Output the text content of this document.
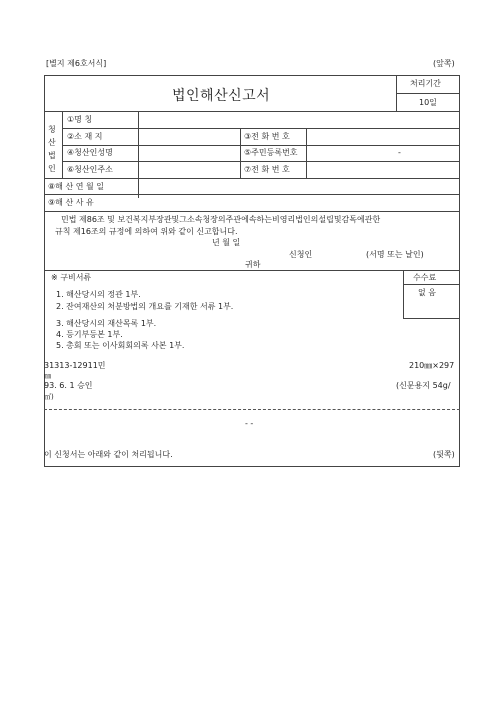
[별지 제6호서식]	(앞쪽)
법인해산신고서
처리기간
10일
청
산
법
인
①명 칭
②소 재 지	③전 화 번 호
④청산인성명	⑤주민등록번호	-
⑥청산인주소	⑦전 화 번 호
⑧해 산 연 월 일
⑨해 산 사 유
민법 제86조 및 보건복지부장관및그소속청장의주관에속하는비영리법인의설립및감독에관한
규칙 제16조의 규정에 의하여 위와 같이 신고합니다.
년 월 일
신청인	(서명 또는 날인)
귀하
수수료
없 음
※ 구비서류
1. 해산당시의 정관 1부.
2. 잔여재산의 처분방법의 개요를 기재한 서류 1부.
3. 해산당시의 재산목록 1부.
4. 등기부등본 1부.
5. 총회 또는 이사회회의록 사본 1부.
31313-12911민	210㎜×297
㎜
93. 6. 1 승인	(신문용지 54g/
㎡)
- -
이 신청서는 아래와 같이 처리됩니다.	(뒷쪽)
